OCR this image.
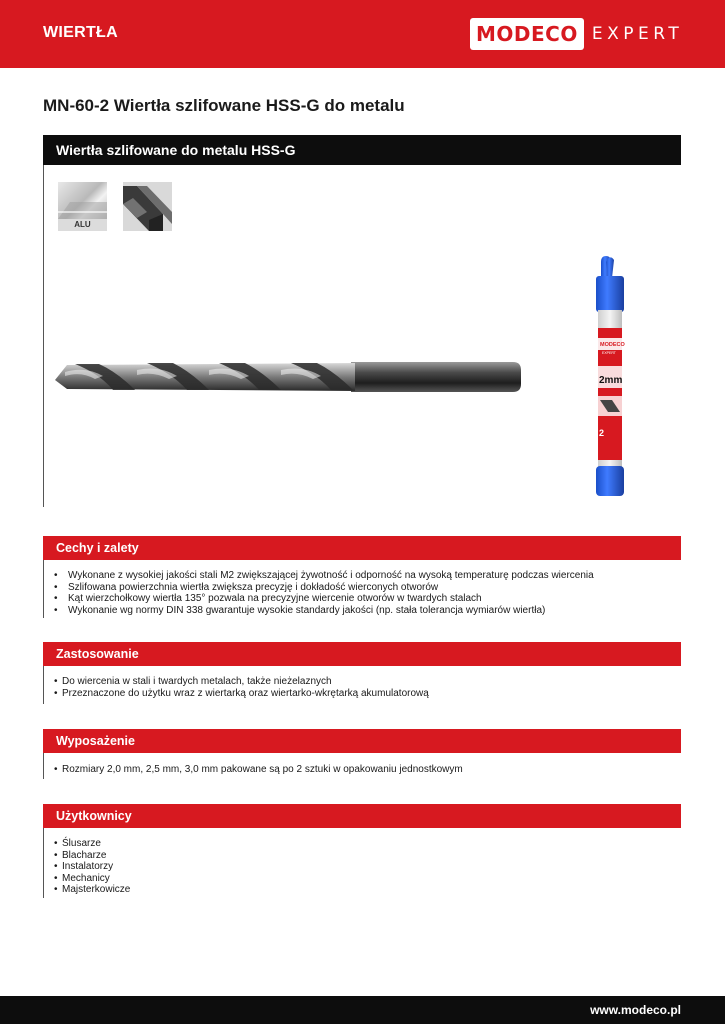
WIERTŁA	MODECO EXPERT
MN-60-2 Wiertła szlifowane HSS-G do metalu
Wiertła szlifowane do metalu HSS-G
ALU
MODECO
EXPERT
2mm
2
Cechy i zalety
• Wykonane z wysokiej jakości stali M2 zwiększającej żywotność i odporność na wysoką temperaturę podczas wiercenia
• Szlifowana powierzchnia wiertła zwiększa precyzję i dokładość wierconych otworów
• Kąt wierzchołkowy wiertła 135° pozwala na precyzyjne wiercenie otworów w twardych stalach
• Wykonanie wg normy DIN 338 gwarantuje wysokie standardy jakości (np. stała tolerancja wymiarów wiertła)
Zastosowanie
• Do wiercenia w stali i twardych metalach, także nieżelaznych
• Przeznaczone do użytku wraz z wiertarką oraz wiertarko-wkrętarką akumulatorową
Wyposażenie
• Rozmiary 2,0 mm, 2,5 mm, 3,0 mm pakowane są po 2 sztuki w opakowaniu jednostkowym
Użytkownicy
• Ślusarze
• Blacharze
• Instalatorzy
• Mechanicy
• Majsterkowicze
www.modeco.pl
